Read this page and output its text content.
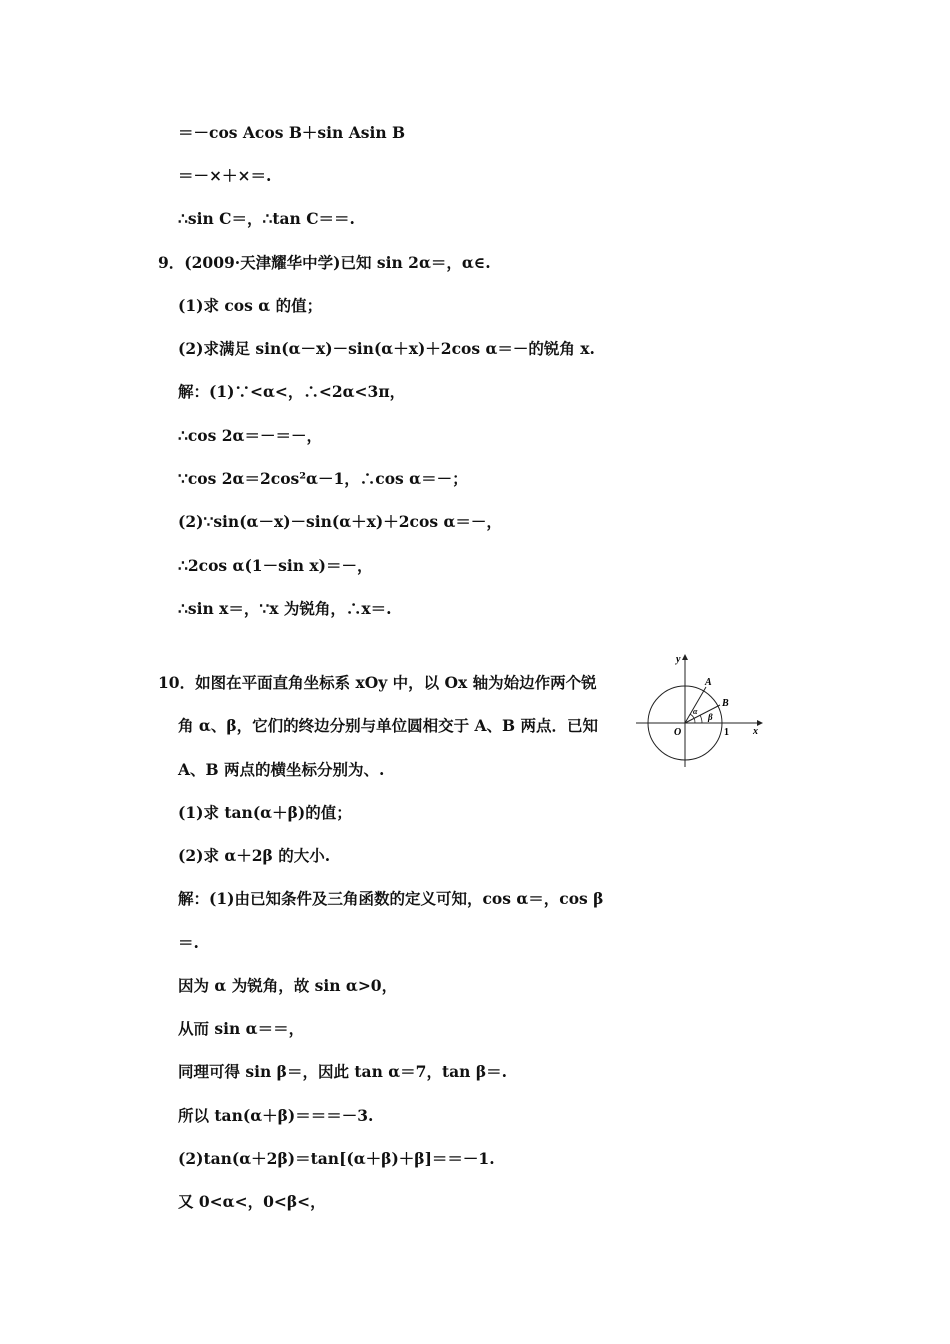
＝－cos Acos B＋sin Asin B
＝－×＋×＝.
∴sin C＝，∴tan C＝＝.
9．(2009·天津耀华中学)已知 sin 2α＝，α∈.
(1)求 cos α 的值；
(2)求满足 sin(α－x)－sin(α＋x)＋2cos α＝－的锐角 x.
解：(1)∵<α<，∴<2α<3π，
∴cos 2α＝－＝－，
∵cos 2α＝2cos²α－1，∴cos α＝－；
(2)∵sin(α－x)－sin(α＋x)＋2cos α＝－，
∴2cos α(1－sin x)＝－，
∴sin x＝，∵x 为锐角，∴x＝.
10．如图在平面直角坐标系 xOy 中，以 Ox 轴为始边作两个锐
角 α、β，它们的终边分别与单位圆相交于 A、B 两点．已知
A、B 两点的横坐标分别为、.
(1)求 tan(α＋β)的值；
(2)求 α＋2β 的大小.
解：(1)由已知条件及三角函数的定义可知，cos α＝，cos β
＝.
因为 α 为锐角，故 sin α>0，
从而 sin α＝＝，
同理可得 sin β＝，因此 tan α＝7，tan β＝.
所以 tan(α＋β)＝＝＝－3.
(2)tan(α＋2β)＝tan[(α＋β)＋β]＝＝－1.
又 0<α<，0<β<，
y
x
O	1
A
B
α
β
